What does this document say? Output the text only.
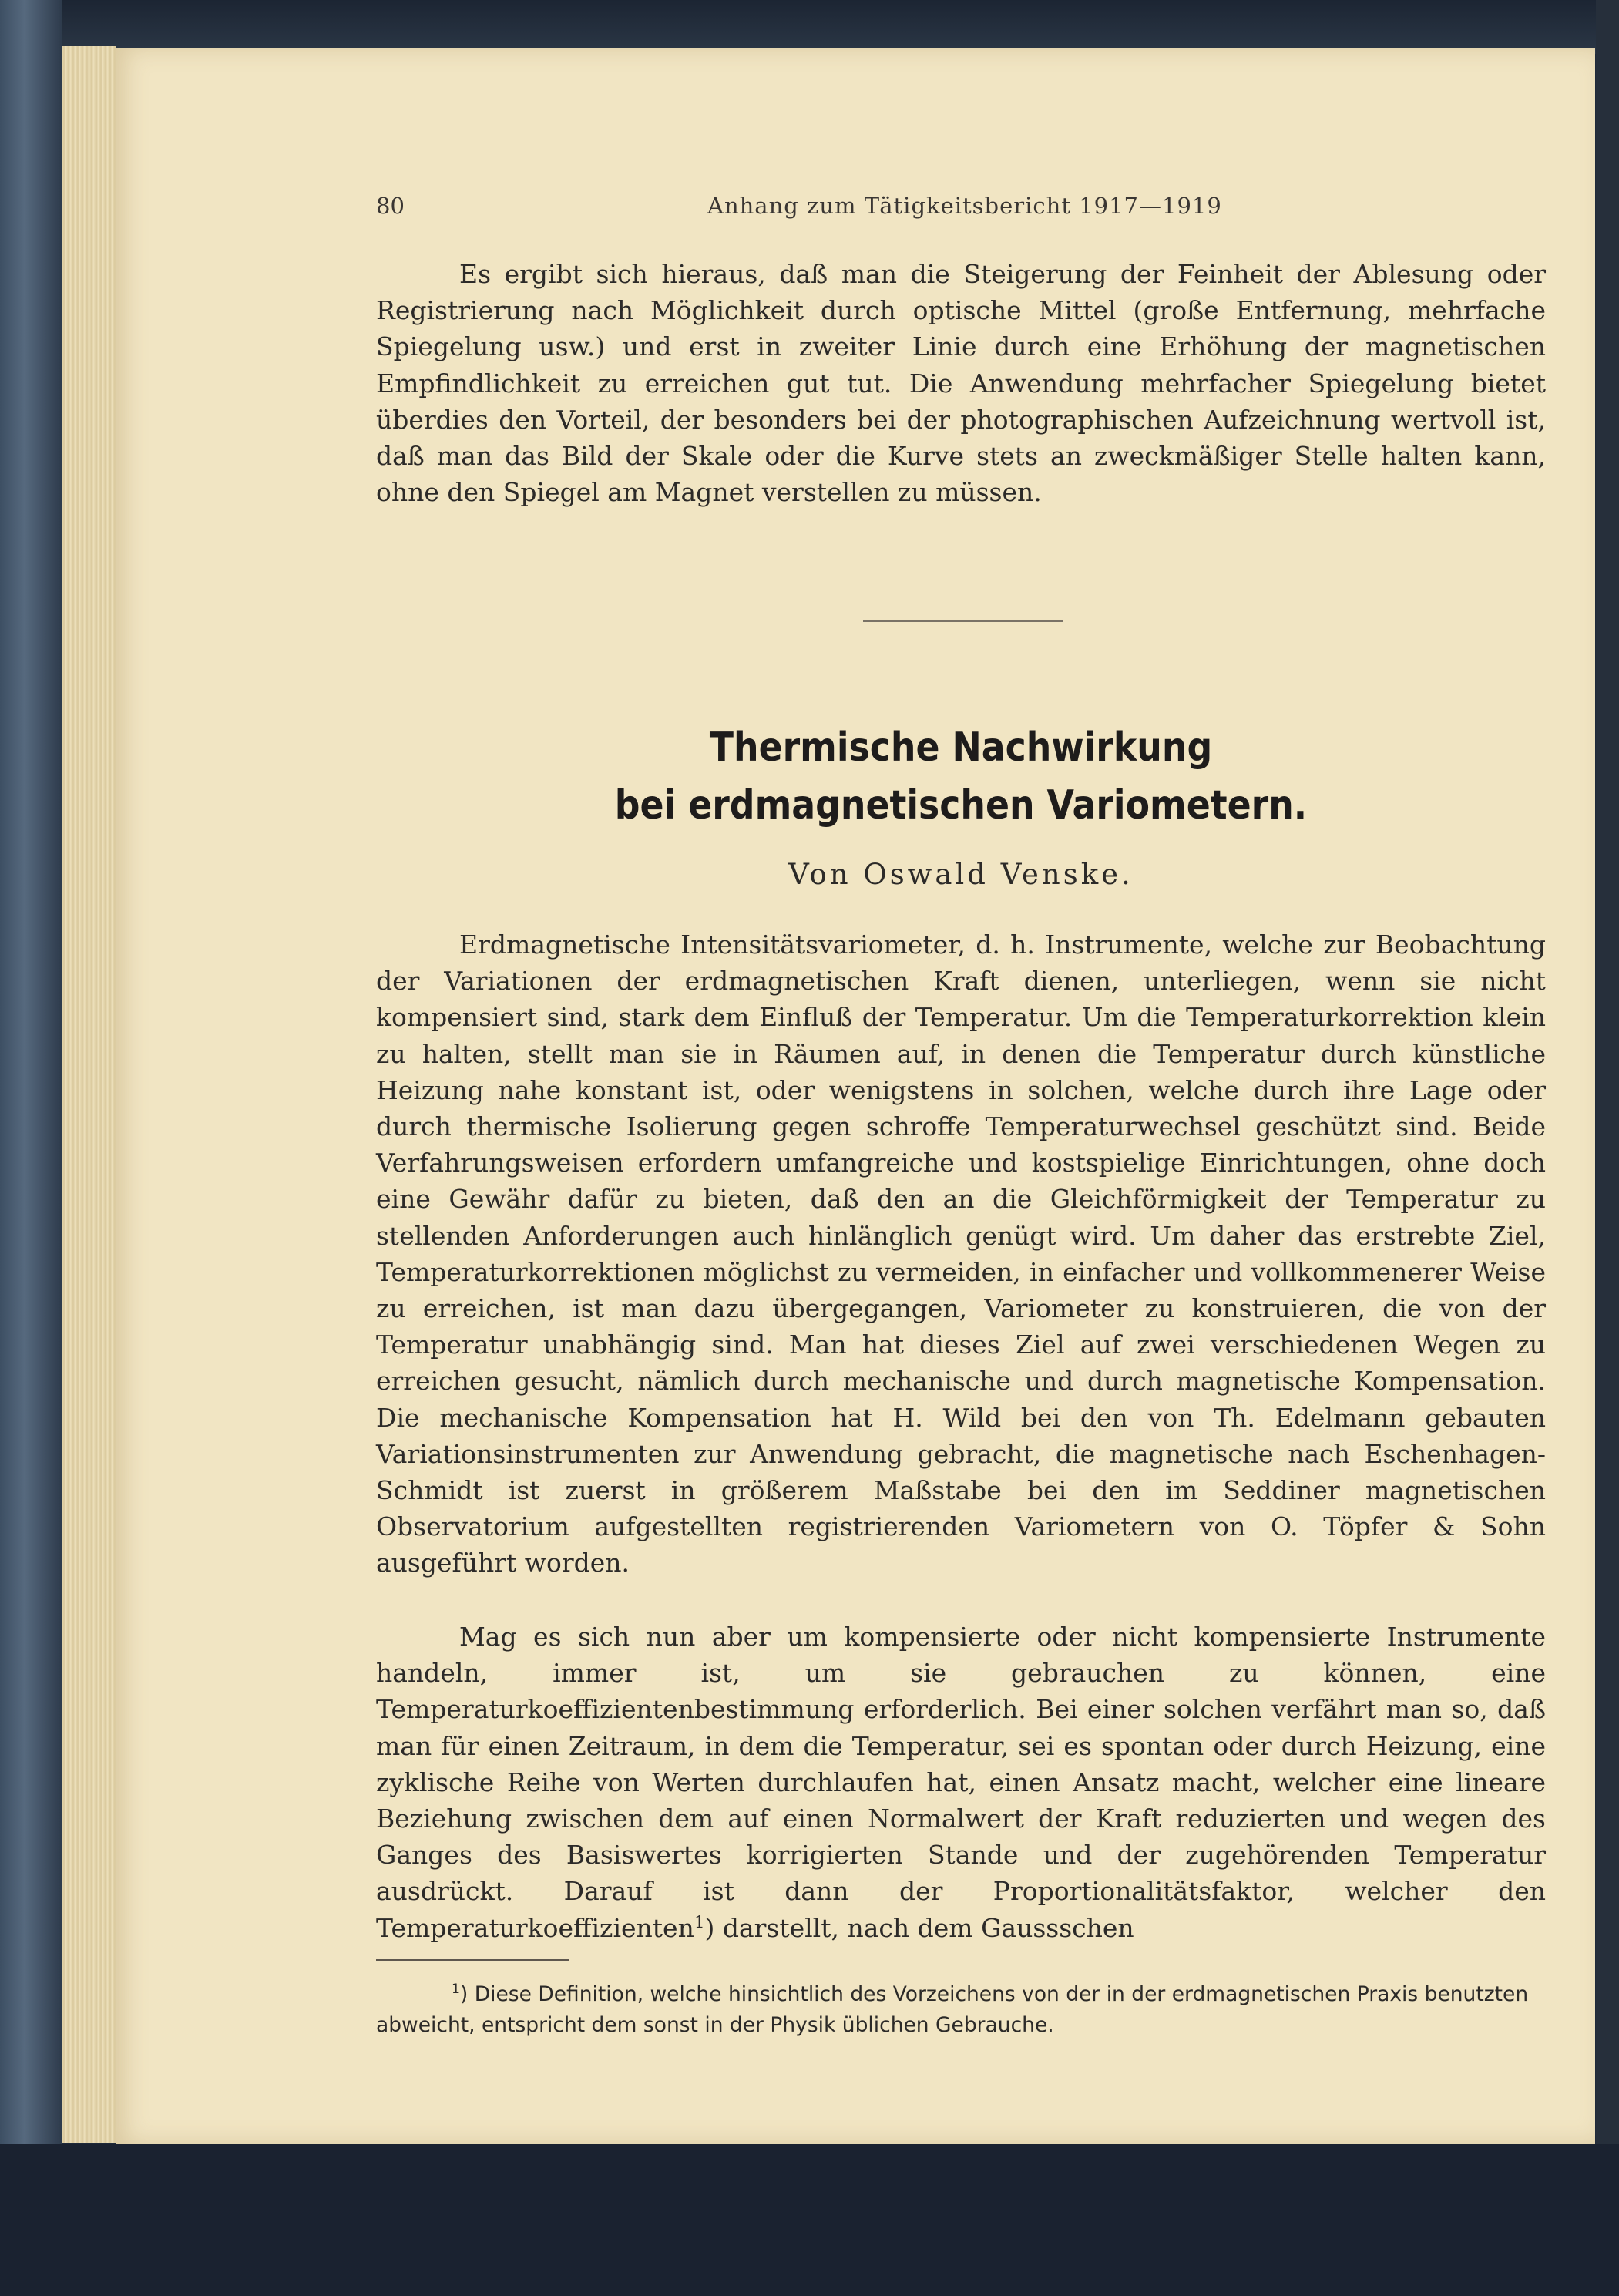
80	Anhang zum Tätigkeitsbericht 1917—1919
Es ergibt sich hieraus, daß man die Steigerung der Feinheit der Ablesung oder Registrierung nach Möglichkeit durch optische Mittel (große Entfernung, mehrfache Spiegelung usw.) und erst in zweiter Linie durch eine Erhöhung der magnetischen Empfindlichkeit zu erreichen gut tut. Die Anwendung mehrfacher Spiegelung bietet überdies den Vorteil, der besonders bei der photographischen Aufzeichnung wertvoll ist, daß man das Bild der Skale oder die Kurve stets an zweckmäßiger Stelle halten kann, ohne den Spiegel am Magnet verstellen zu müssen.
Thermische Nachwirkung
bei erdmagnetischen Variometern.
Von Oswald Venske.
Erdmagnetische Intensitätsvariometer, d. h. Instrumente, welche zur Beobachtung der Variationen der erdmagnetischen Kraft dienen, unterliegen, wenn sie nicht kompensiert sind, stark dem Einfluß der Temperatur. Um die Temperaturkorrektion klein zu halten, stellt man sie in Räumen auf, in denen die Temperatur durch künstliche Heizung nahe konstant ist, oder wenigstens in solchen, welche durch ihre Lage oder durch thermische Isolierung gegen schroffe Temperaturwechsel geschützt sind. Beide Verfahrungsweisen erfordern umfangreiche und kostspielige Einrichtungen, ohne doch eine Gewähr dafür zu bieten, daß den an die Gleichförmigkeit der Temperatur zu stellenden Anforderungen auch hinlänglich genügt wird. Um daher das erstrebte Ziel, Temperaturkorrektionen möglichst zu vermeiden, in einfacher und vollkommenerer Weise zu erreichen, ist man dazu übergegangen, Variometer zu konstruieren, die von der Temperatur unabhängig sind. Man hat dieses Ziel auf zwei verschiedenen Wegen zu erreichen gesucht, nämlich durch mechanische und durch magnetische Kompensation. Die mechanische Kompensation hat H. Wild bei den von Th. Edelmann gebauten Variationsinstrumenten zur Anwendung gebracht, die magnetische nach Eschenhagen-Schmidt ist zuerst in größerem Maßstabe bei den im Seddiner magnetischen Observatorium aufgestellten registrierenden Variometern von O. Töpfer & Sohn ausgeführt worden.
Mag es sich nun aber um kompensierte oder nicht kompensierte Instrumente handeln, immer ist, um sie gebrauchen zu können, eine Temperaturkoeffizientenbestimmung erforderlich. Bei einer solchen verfährt man so, daß man für einen Zeitraum, in dem die Temperatur, sei es spontan oder durch Heizung, eine zyklische Reihe von Werten durchlaufen hat, einen Ansatz macht, welcher eine lineare Beziehung zwischen dem auf einen Normalwert der Kraft reduzierten und wegen des Ganges des Basiswertes korrigierten Stande und der zugehörenden Temperatur ausdrückt. Darauf ist dann der Proportionalitätsfaktor, welcher den Temperaturkoeffizienten$^1$) darstellt, nach dem Gaussschen
$^1$) Diese Definition, welche hinsichtlich des Vorzeichens von der in der erdmagnetischen Praxis benutzten abweicht, entspricht dem sonst in der Physik üblichen Gebrauche.
